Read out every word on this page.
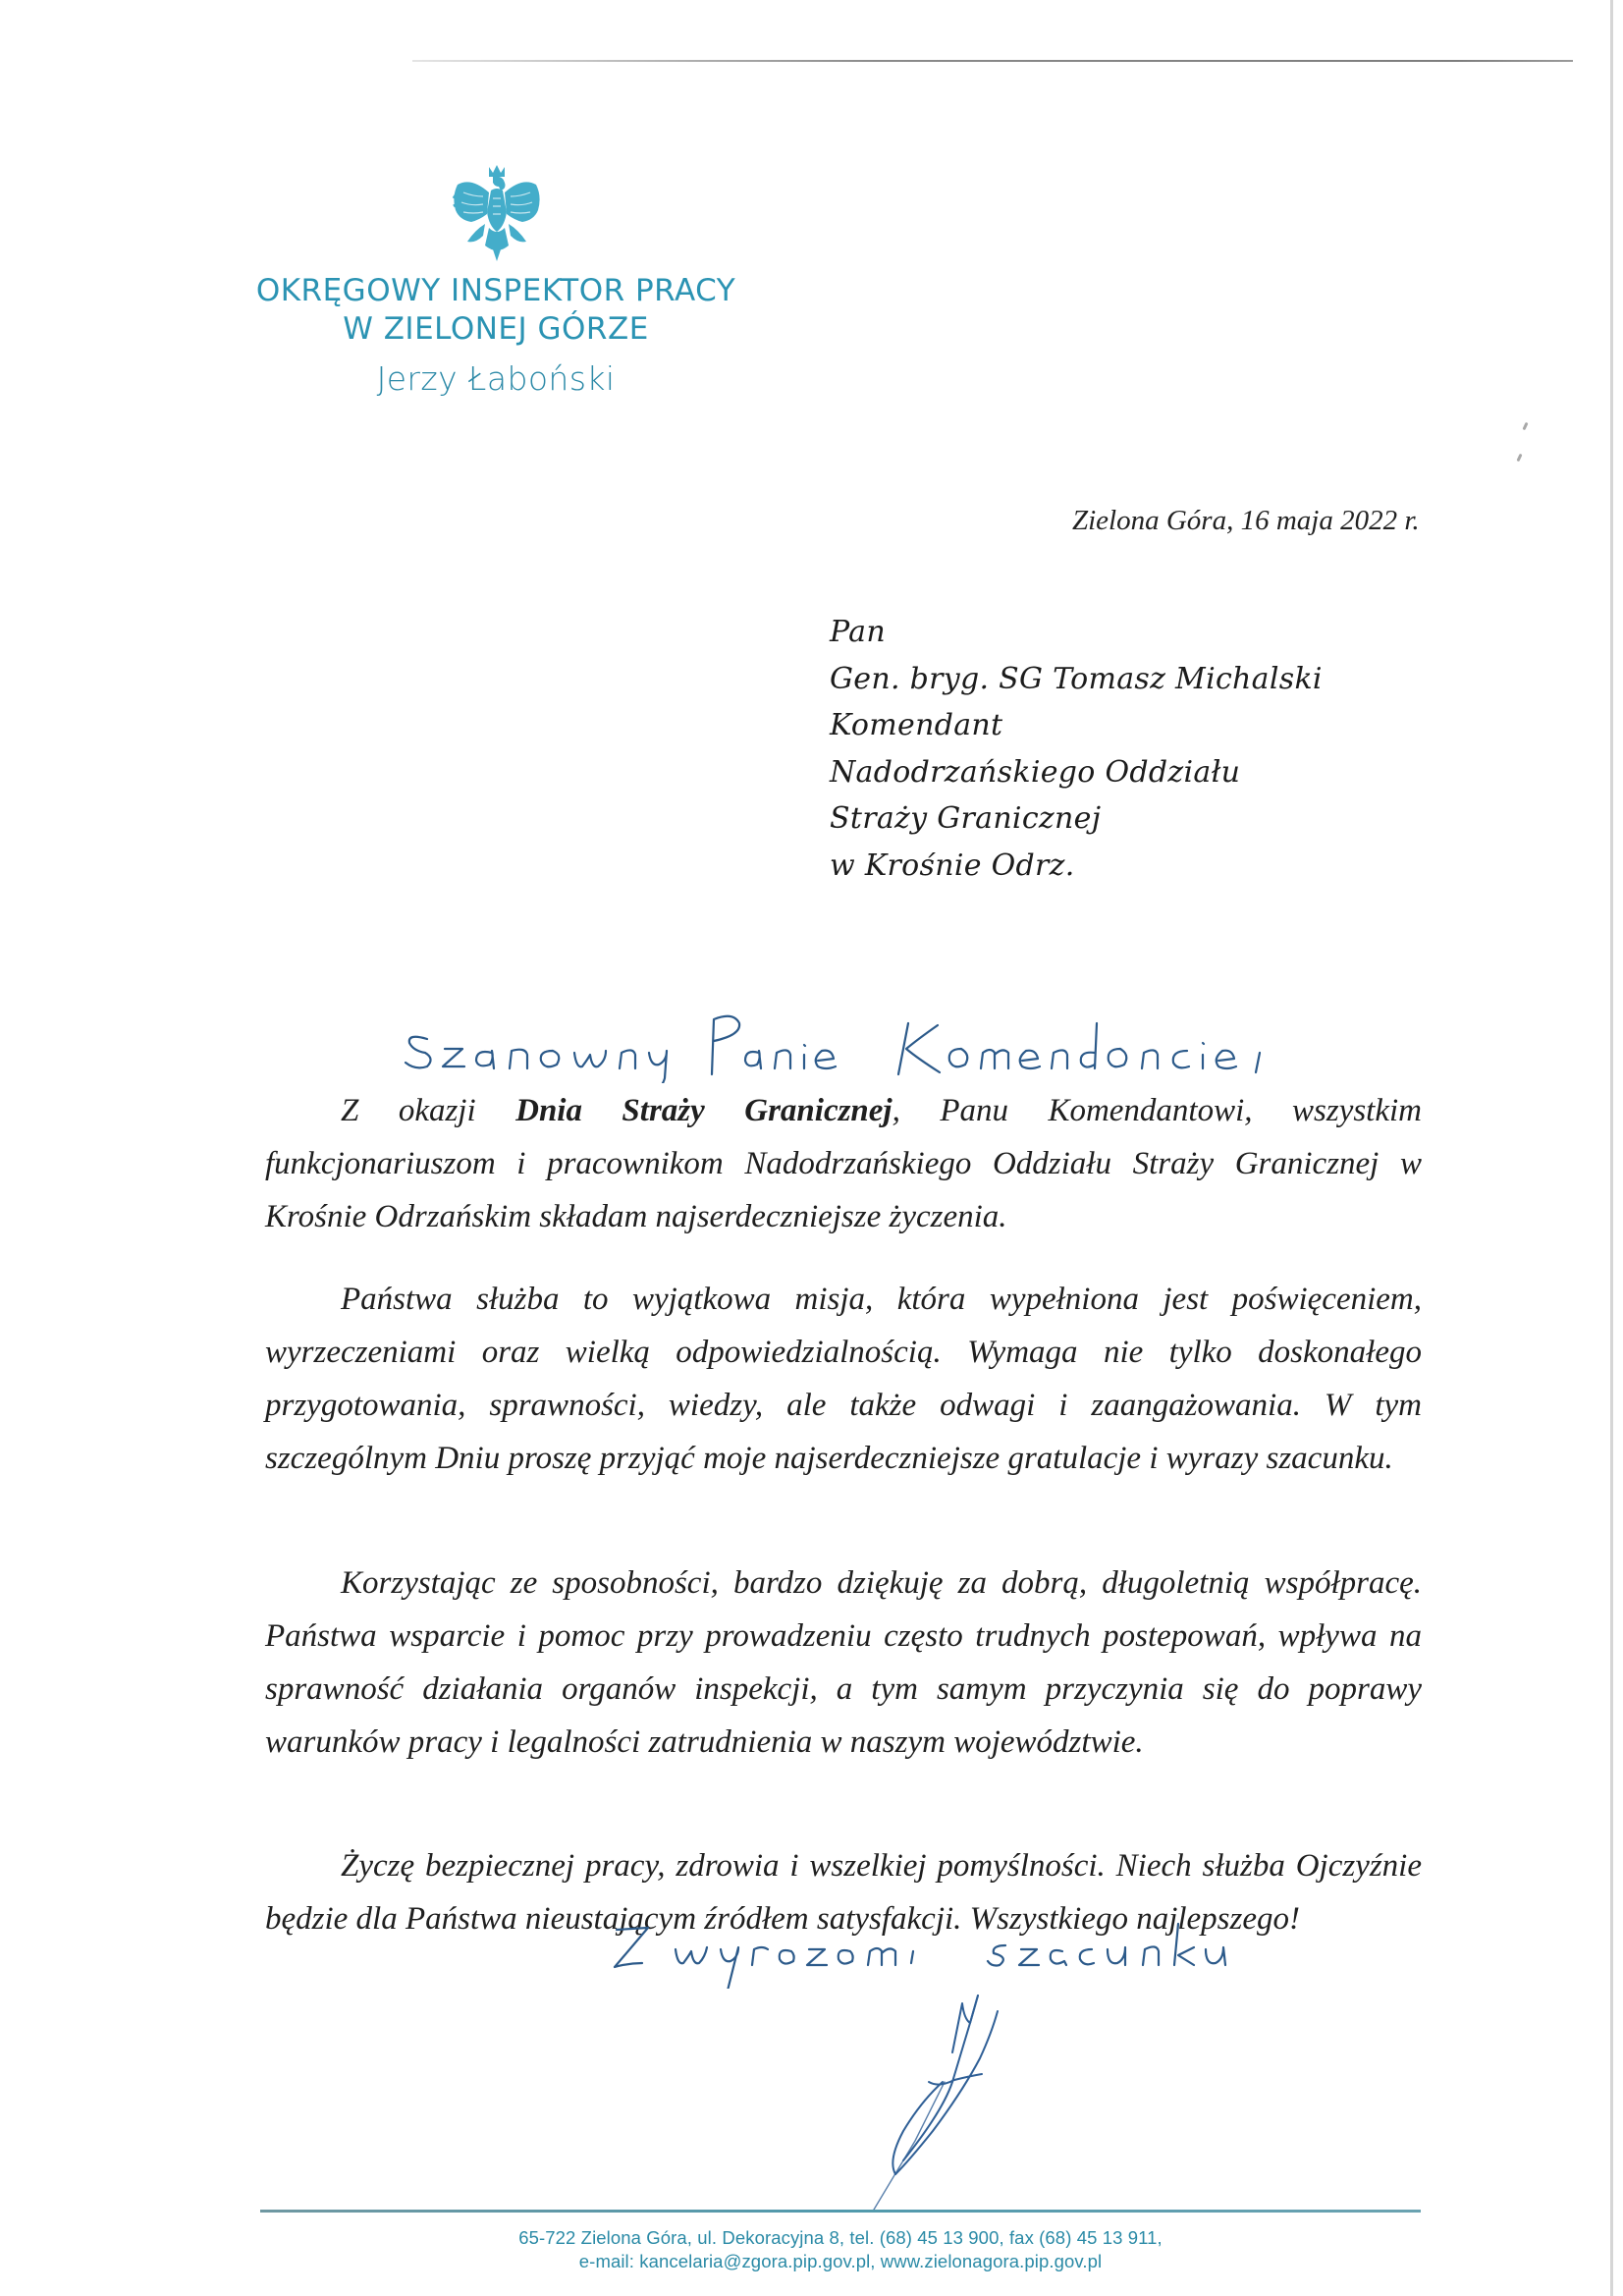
OKRĘGOWY INSPEKTOR PRACY
W ZIELONEJ GÓRZE
Jerzy Łaboński
Zielona Góra, 16 maja 2022 r.
Pan
Gen. bryg. SG Tomasz Michalski
Komendant
Nadodrzańskiego Oddziału
Straży Granicznej
w Krośnie Odrz.

Z okazji Dnia Straży Granicznej, Panu Komendantowi, wszystkim funkcjonariuszom i pracownikom Nadodrzańskiego Oddziału Straży Granicznej w Krośnie Odrzańskim składam najserdeczniejsze życzenia.

Państwa służba to wyjątkowa misja, która wypełniona jest poświęceniem, wyrzeczeniami oraz wielką odpowiedzialnością. Wymaga nie tylko doskonałego przygotowania, sprawności, wiedzy, ale także odwagi i zaangażowania. W tym szczególnym Dniu proszę przyjąć moje najserdeczniejsze gratulacje i wyrazy szacunku.

Korzystając ze sposobności, bardzo dziękuję za dobrą, długoletnią współpracę. Państwa wsparcie i pomoc przy prowadzeniu często trudnych postepowań, wpływa na sprawność działania organów inspekcji, a tym samym przyczynia się do poprawy warunków pracy i legalności zatrudnienia w naszym województwie.

Życzę bezpiecznej pracy, zdrowia i wszelkiej pomyślności. Niech służba Ojczyźnie będzie dla Państwa nieustającym źródłem satysfakcji. Wszystkiego najlepszego!

65-722 Zielona Góra, ul. Dekoracyjna 8, tel. (68) 45 13 900, fax (68) 45 13 911,
e-mail: kancelaria@zgora.pip.gov.pl, www.zielonagora.pip.gov.pl
